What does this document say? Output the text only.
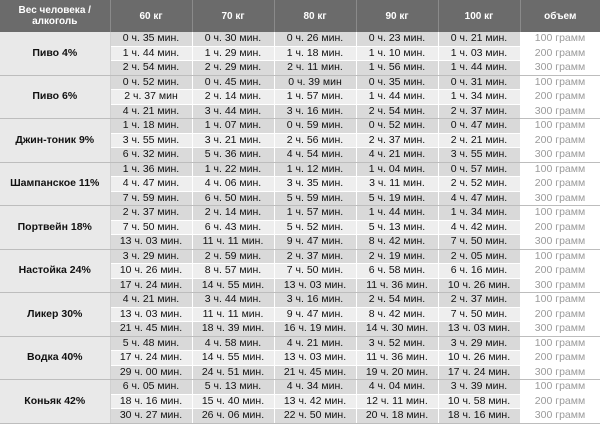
Вес человека / алкоголь	60 кг	70 кг	80 кг	90 кг	100 кг	объем
Пиво 4%	0 ч. 35 мин.	0 ч. 30 мин.	0 ч. 26 мин.	0 ч. 23 мин.	0 ч. 21 мин.	100 грамм
	1 ч. 44 мин.	1 ч. 29 мин.	1 ч. 18 мин.	1 ч. 10 мин.	1 ч. 03 мин.	200 грамм
	2 ч. 54 мин.	2 ч. 29 мин.	2 ч. 11 мин.	1 ч. 56 мин.	1 ч. 44 мин.	300 грамм
Пиво 6%	0 ч. 52 мин.	0 ч. 45 мин.	0 ч. 39 мин	0 ч. 35 мин.	0 ч. 31 мин.	100 грамм
	2 ч. 37 мин	2 ч. 14 мин.	1 ч. 57 мин.	1 ч. 44 мин.	1 ч. 34 мин.	200 грамм
	4 ч. 21 мин.	3 ч. 44 мин.	3 ч. 16 мин.	2 ч. 54 мин.	2 ч. 37 мин.	300 грамм
Джин-тоник 9%	1 ч. 18 мин.	1 ч. 07 мин.	0 ч. 59 мин.	0 ч. 52 мин.	0 ч. 47 мин.	100 грамм
	3 ч. 55 мин.	3 ч. 21 мин.	2 ч. 56 мин.	2 ч. 37 мин.	2 ч. 21 мин.	200 грамм
	6 ч. 32 мин.	5 ч. 36 мин.	4 ч. 54 мин.	4 ч. 21 мин.	3 ч. 55 мин.	300 грамм
Шампанское 11%	1 ч. 36 мин.	1 ч. 22 мин.	1 ч. 12 мин.	1 ч. 04 мин.	0 ч. 57 мин.	100 грамм
	4 ч. 47 мин.	4 ч. 06 мин.	3 ч. 35 мин.	3 ч. 11 мин.	2 ч. 52 мин.	200 грамм
	7 ч. 59 мин.	6 ч. 50 мин.	5 ч. 59 мин.	5 ч. 19 мин.	4 ч. 47 мин.	300 грамм
Портвейн 18%	2 ч. 37 мин.	2 ч. 14 мин.	1 ч. 57 мин.	1 ч. 44 мин.	1 ч. 34 мин.	100 грамм
	7 ч. 50 мин.	6 ч. 43 мин.	5 ч. 52 мин.	5 ч. 13 мин.	4 ч. 42 мин.	200 грамм
	13 ч. 03 мин.	11 ч. 11 мин.	9 ч. 47 мин.	8 ч. 42 мин.	7 ч. 50 мин.	300 грамм
Настойка 24%	3 ч. 29 мин.	2 ч. 59 мин.	2 ч. 37 мин.	2 ч. 19 мин.	2 ч. 05 мин.	100 грамм
	10 ч. 26 мин.	8 ч. 57 мин.	7 ч. 50 мин.	6 ч. 58 мин.	6 ч. 16 мин.	200 грамм
	17 ч. 24 мин.	14 ч. 55 мин.	13 ч. 03 мин.	11 ч. 36 мин.	10 ч. 26 мин.	300 грамм
Ликер 30%	4 ч. 21 мин.	3 ч. 44 мин.	3 ч. 16 мин.	2 ч. 54 мин.	2 ч. 37 мин.	100 грамм
	13 ч. 03 мин.	11 ч. 11 мин.	9 ч. 47 мин.	8 ч. 42 мин.	7 ч. 50 мин.	200 грамм
	21 ч. 45 мин.	18 ч. 39 мин.	16 ч. 19 мин.	14 ч. 30 мин.	13 ч. 03 мин.	300 грамм
Водка 40%	5 ч. 48 мин.	4 ч. 58 мин.	4 ч. 21 мин.	3 ч. 52 мин.	3 ч. 29 мин.	100 грамм
	17 ч. 24 мин.	14 ч. 55 мин.	13 ч. 03 мин.	11 ч. 36 мин.	10 ч. 26 мин.	200 грамм
	29 ч. 00 мин.	24 ч. 51 мин.	21 ч. 45 мин.	19 ч. 20 мин.	17 ч. 24 мин.	300 грамм
Коньяк 42%	6 ч. 05 мин.	5 ч. 13 мин.	4 ч. 34 мин.	4 ч. 04 мин.	3 ч. 39 мин.	100 грамм
	18 ч. 16 мин.	15 ч. 40 мин.	13 ч. 42 мин.	12 ч. 11 мин.	10 ч. 58 мин.	200 грамм
	30 ч. 27 мин.	26 ч. 06 мин.	22 ч. 50 мин.	20 ч. 18 мин.	18 ч. 16 мин.	300 грамм
